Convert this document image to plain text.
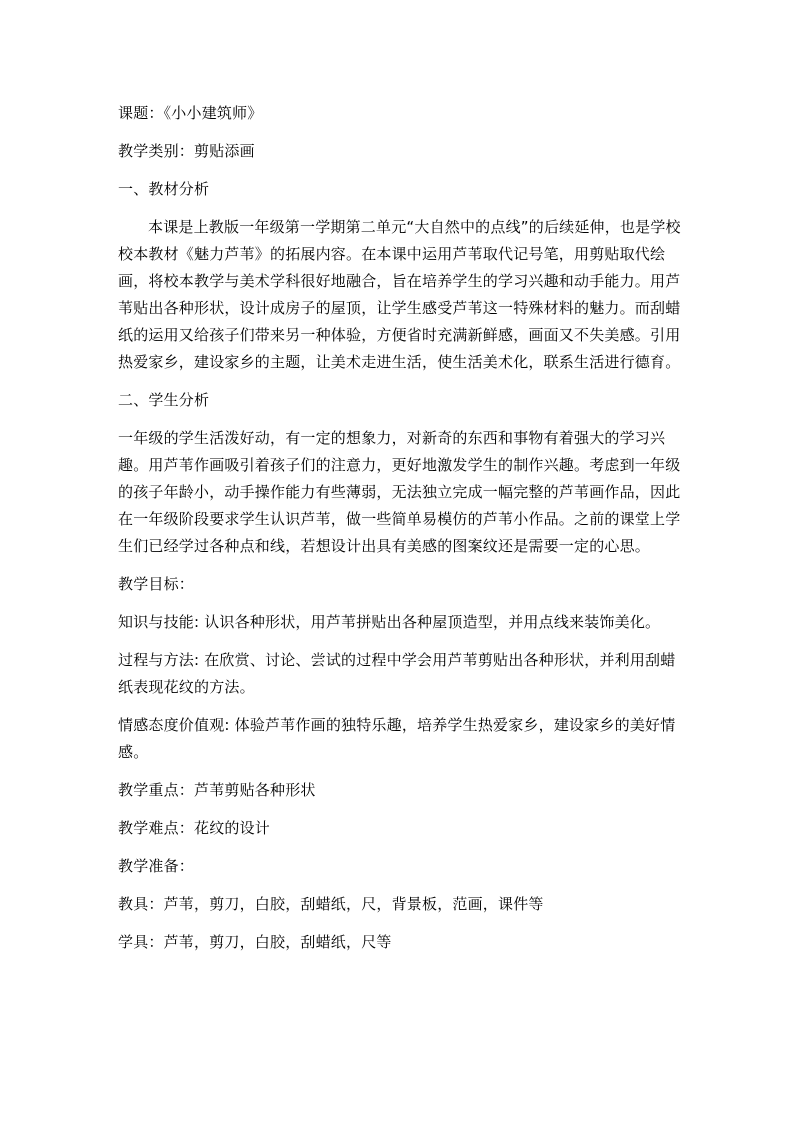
课题：《小小建筑师》

教学类别：剪贴添画

一、教材分析

本课是上教版一年级第一学期第二单元“大自然中的点线”的后续延伸，也是学校校本教材《魅力芦苇》的拓展内容。在本课中运用芦苇取代记号笔，用剪贴取代绘画，将校本教学与美术学科很好地融合，旨在培养学生的学习兴趣和动手能力。用芦苇贴出各种形状，设计成房子的屋顶，让学生感受芦苇这一特殊材料的魅力。而刮蜡纸的运用又给孩子们带来另一种体验，方便省时充满新鲜感，画面又不失美感。引用热爱家乡，建设家乡的主题，让美术走进生活，使生活美术化，联系生活进行德育。

二、学生分析

一年级的学生活泼好动，有一定的想象力，对新奇的东西和事物有着强大的学习兴趣。用芦苇作画吸引着孩子们的注意力，更好地激发学生的制作兴趣。考虑到一年级的孩子年龄小，动手操作能力有些薄弱，无法独立完成一幅完整的芦苇画作品，因此在一年级阶段要求学生认识芦苇，做一些简单易模仿的芦苇小作品。之前的课堂上学生们已经学过各种点和线，若想设计出具有美感的图案纹还是需要一定的心思。

教学目标：

知识与技能: 认识各种形状，用芦苇拼贴出各种屋顶造型，并用点线来装饰美化。

过程与方法: 在欣赏、讨论、尝试的过程中学会用芦苇剪贴出各种形状，并利用刮蜡纸表现花纹的方法。

情感态度价值观: 体验芦苇作画的独特乐趣，培养学生热爱家乡，建设家乡的美好情感。

教学重点：芦苇剪贴各种形状

教学难点：花纹的设计

教学准备：

教具：芦苇，剪刀，白胶，刮蜡纸，尺，背景板，范画，课件等

学具：芦苇，剪刀，白胶，刮蜡纸，尺等
